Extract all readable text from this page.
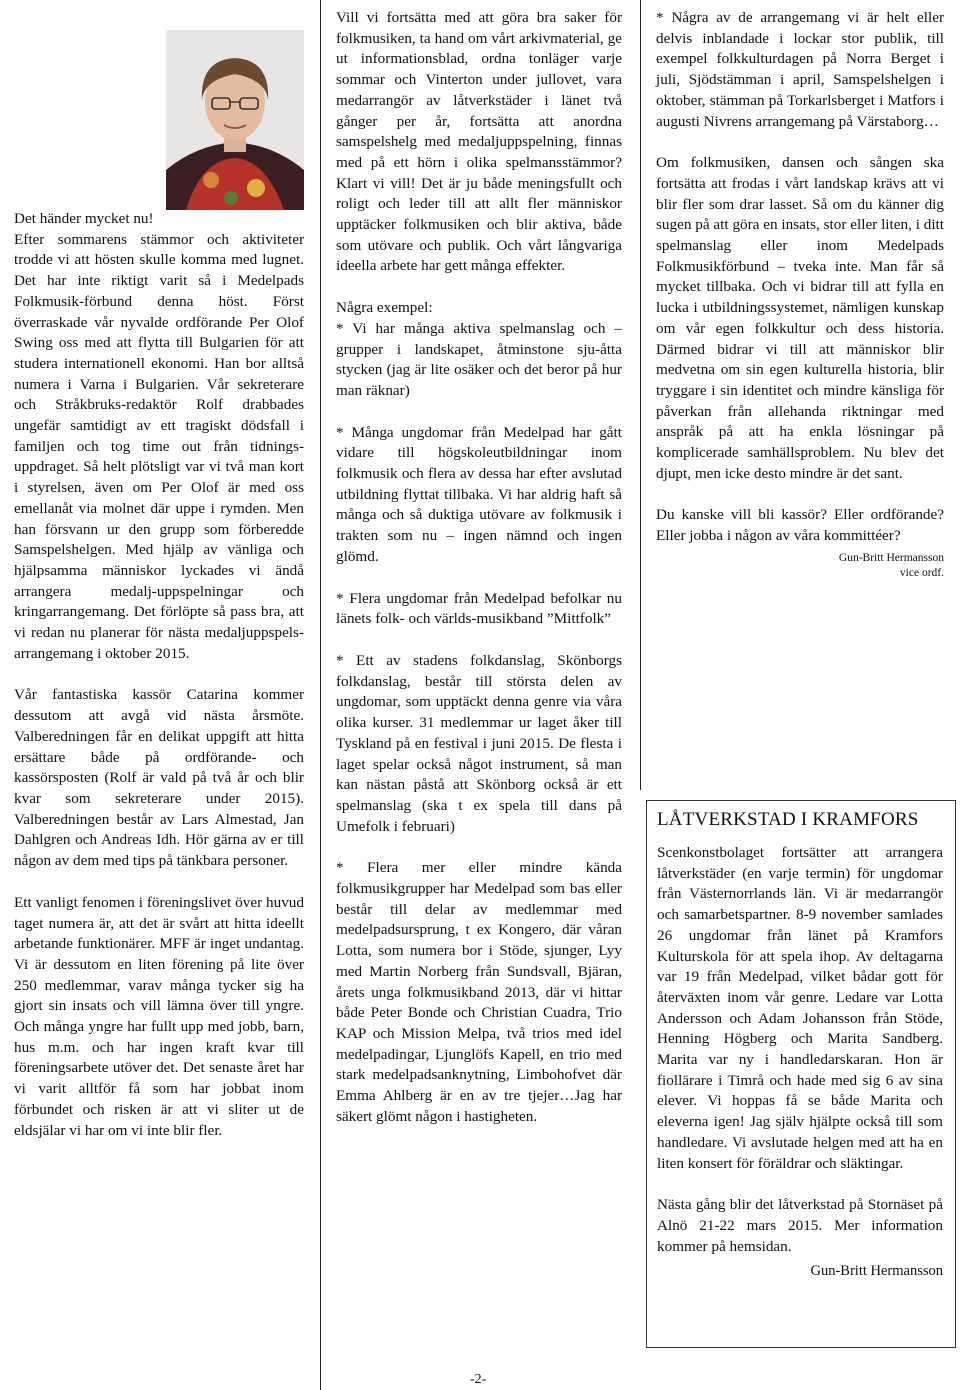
Det händer mycket nu!

Efter sommarens stämmor och aktiviteter trodde vi att hösten skulle komma med lugnet. Det har inte riktigt varit så i Medelpads Folkmusik-förbund denna höst. Först överraskade vår nyvalde ordförande Per Olof Swing oss med att flytta till Bulgarien för att studera internationell ekonomi. Han bor alltså numera i Varna i Bulgarien. Vår sekreterare och Stråkbruks-redaktör Rolf drabbades ungefär samtidigt av ett tragiskt dödsfall i familjen och tog time out från tidnings-uppdraget. Så helt plötsligt var vi två man kort i styrelsen, även om Per Olof är med oss emellanåt via molnet där uppe i rymden. Men han försvann ur den grupp som förberedde Samspelshelgen. Med hjälp av vänliga och hjälpsamma människor lyckades vi ändå arrangera medalj-uppspelningar och kringarrangemang. Det förlöpte så pass bra, att vi redan nu planerar för nästa medaljuppspels-arrangemang i oktober 2015.

Vår fantastiska kassör Catarina kommer dessutom att avgå vid nästa årsmöte. Valberedningen får en delikat uppgift att hitta ersättare både på ordförande- och kassörsposten (Rolf är vald på två år och blir kvar som sekreterare under 2015). Valberedningen består av Lars Almestad, Jan Dahlgren och Andreas Idh. Hör gärna av er till någon av dem med tips på tänkbara personer.

Ett vanligt fenomen i föreningslivet över huvud taget numera är, att det är svårt att hitta ideellt arbetande funktionärer. MFF är inget undantag. Vi är dessutom en liten förening på lite över 250 medlemmar, varav många tycker sig ha gjort sin insats och vill lämna över till yngre. Och många yngre har fullt upp med jobb, barn, hus m.m. och har ingen kraft kvar till föreningsarbete utöver det. Det senaste året har vi varit alltför få som har jobbat inom förbundet och risken är att vi sliter ut de eldsjälar vi har om vi inte blir fler.

Vill vi fortsätta med att göra bra saker för folkmusiken, ta hand om vårt arkivmaterial, ge ut informationsblad, ordna tonläger varje sommar och Vinterton under jullovet, vara medarrangör av låtverkstäder i länet två gånger per år, fortsätta att anordna samspelshelg med medaljuppspelning, finnas med på ett hörn i olika spelmansstämmor? Klart vi vill! Det är ju både meningsfullt och roligt och leder till att allt fler människor upptäcker folkmusiken och blir aktiva, både som utövare och publik. Och vårt långvariga ideella arbete har gett många effekter.

Några exempel:

* Vi har många aktiva spelmanslag och – grupper i landskapet, åtminstone sju-åtta stycken (jag är lite osäker och det beror på hur man räknar)

* Många ungdomar från Medelpad har gått vidare till högskoleutbildningar inom folkmusik och flera av dessa har efter avslutad utbildning flyttat tillbaka. Vi har aldrig haft så många och så duktiga utövare av folkmusik i trakten som nu – ingen nämnd och ingen glömd.

* Flera ungdomar från Medelpad befolkar nu länets folk- och världs-musikband ”Mittfolk”

* Ett av stadens folkdanslag, Skönborgs folkdanslag, består till största delen av ungdomar, som upptäckt denna genre via våra olika kurser. 31 medlemmar ur laget åker till Tyskland på en festival i juni 2015. De flesta i laget spelar också något instrument, så man kan nästan påstå att Skönborg också är ett spelmanslag (ska t ex spela till dans på Umefolk i februari)

* Flera mer eller mindre kända folkmusikgrupper har Medelpad som bas eller består till delar av medlemmar med medelpadsursprung, t ex Kongero, där våran Lotta, som numera bor i Stöde, sjunger, Lyy med Martin Norberg från Sundsvall, Bjäran, årets unga folkmusikband 2013, där vi hittar både Peter Bonde och Christian Cuadra, Trio KAP och Mission Melpa, två trios med idel medelpadingar, Ljunglöfs Kapell, en trio med stark medelpadsanknytning, Limbohofvet där Emma Ahlberg är en av tre tjejer…Jag har säkert glömt någon i hastigheten.

* Några av de arrangemang vi är helt eller delvis inblandade i lockar stor publik, till exempel folkkulturdagen på Norra Berget i juli, Sjödstämman i april, Samspelshelgen i oktober, stämman på Torkarlsberget i Matfors i augusti Nivrens arrangemang på Värstaborg…

Om folkmusiken, dansen och sången ska fortsätta att frodas i vårt landskap krävs att vi blir fler som drar lasset. Så om du känner dig sugen på att göra en insats, stor eller liten, i ditt spelmanslag eller inom Medelpads Folkmusikförbund – tveka inte. Man får så mycket tillbaka. Och vi bidrar till att fylla en lucka i utbildningssystemet, nämligen kunskap om vår egen folkkultur och dess historia. Därmed bidrar vi till att människor blir medvetna om sin egen kulturella historia, blir tryggare i sin identitet och mindre känsliga för påverkan från allehanda riktningar med anspråk på att ha enkla lösningar på komplicerade samhällsproblem. Nu blev det djupt, men icke desto mindre är det sant.

Du kanske vill bli kassör? Eller ordförande? Eller jobba i någon av våra kommittéer?

Gun-Britt Hermansson

vice ordf.

LÅTVERKSTAD I KRAMFORS

Scenkonstbolaget fortsätter att arrangera låtverkstäder (en varje termin) för ungdomar från Västernorrlands län. Vi är medarrangör och samarbetspartner. 8-9 november samlades 26 ungdomar från länet på Kramfors Kulturskola för att spela ihop. Av deltagarna var 19 från Medelpad, vilket bådar gott för återväxten inom vår genre. Ledare var Lotta Andersson och Adam Johansson från Stöde, Henning Högberg och Marita Sandberg. Marita var ny i handledarskaran. Hon är fiollärare i Timrå och hade med sig 6 av sina elever. Vi hoppas få se både Marita och eleverna igen! Jag själv hjälpte också till som handledare. Vi avslutade helgen med att ha en liten konsert för föräldrar och släktingar.

Nästa gång blir det låtverkstad på Stornäset på Alnö 21-22 mars 2015. Mer information kommer på hemsidan.

Gun-Britt Hermansson

-2-
